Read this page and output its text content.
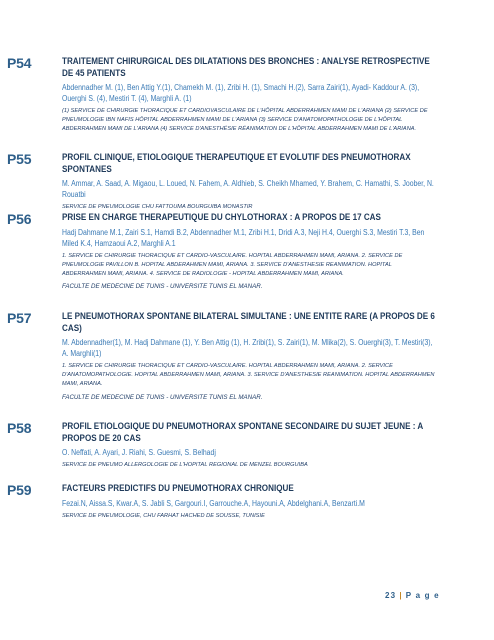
P54	TRAITEMENT CHIRURGICAL DES DILATATIONS DES BRONCHES : ANALYSE RETROSPECTIVE DE 45 PATIENTS

Abdennadher M. (1), Ben Attig Y.(1), Chamekh M. (1), Zribi H. (1), Smachi H.(2), Sarra Zairi(1), Ayadi- Kaddour A. (3), Ouerghi S. (4), Mestiri T. (4), Marghli A. (1)

(1) SERVICE DE CHIRURGIE THORACIQUE ET CARDIOVASCULAIRE DE L'HÔPITAL ABDERRAHMEN MAMI DE L'ARIANA (2) SERVICE DE PNEUMOLOGIE IBN NAFIS HÔPITAL ABDERRAHMEN MAMI DE L'ARIANA (3) SERVICE D'ANATOMOPATHOLOGIE DE L'HÔPITAL ABDERRAHMEN MAMI DE L'ARIANA (4) SERVICE D'ANESTHÉSIE RÉANIMATION DE L'HÔPITAL ABDERRAHMEN MAMI DE L'ARIANA.

P55	PROFIL CLINIQUE, ETIOLOGIQUE THERAPEUTIQUE ET EVOLUTIF DES PNEUMOTHORAX SPONTANES

M. Ammar, A. Saad, A. Migaou, L. Loued, N. Fahem, A. Aldhieb, S. Cheikh Mhamed, Y. Brahem, C. Hamathi, S. Joober, N. Rouatbi

SERVICE DE PNEUMOLOGIE CHU FATTOUMA BOURGUIBA MONASTIR

P56	PRISE EN CHARGE THERAPEUTIQUE DU CHYLOTHORAX : A PROPOS DE 17 CAS

Hadj Dahmane M.1, Zairi S.1, Hamdi B.2, Abdennadher M.1, Zribi H.1, Dridi A.3, Neji H.4, Ouerghi S.3, Mestiri T.3, Ben Miled K.4, Hamzaoui A.2, Marghli A.1

1. SERVICE DE CHIRURGIE THORACIQUE ET CARDIO-VASCULAIRE. HOPITAL ABDERRAHMEN MAMI, ARIANA. 2. SERVICE DE PNEUMOLOGIE PAVILLON B. HOPITAL ABDERAHMEN MAMI, ARIANA. 3. SERVICE D'ANESTHESIE REANIMATION. HOPITAL ABDERRAHMEN MAMI, ARIANA. 4. SERVICE DE RADIOLOGIE - HOPITAL ABDERRAHMEN MAMI, ARIANA.

FACULTE DE MEDECINE DE TUNIS - UNIVERSITE TUNIS EL MANAR.

P57	LE PNEUMOTHORAX SPONTANE BILATERAL SIMULTANE : UNE ENTITE RARE (A PROPOS DE 6 CAS)

M. Abdennadher(1), M. Hadj Dahmane (1), Y. Ben Attig (1), H. Zribi(1), S. Zairi(1), M. Mlika(2), S. Ouerghi(3), T. Mestiri(3), A. Marghli(1)

1. SERVICE DE CHIRURGIE THORACIQUE ET CARDIO-VASCULAIRE. HOPITAL ABDERRAHMEN MAMI, ARIANA. 2. SERVICE D'ANATOMOPATHOLOGIE. HOPITAL ABDERRAHMEN MAMI, ARIANA. 3. SERVICE D'ANESTHESIE REANIMATION. HOPITAL ABDERRAHMEN MAMI, ARIANA.

FACULTE DE MEDECINE DE TUNIS - UNIVERSITE TUNIS EL MANAR.

P58	PROFIL ETIOLOGIQUE DU PNEUMOTHORAX SPONTANE SECONDAIRE DU SUJET JEUNE : A PROPOS DE 20 CAS

O. Neffati, A. Ayari, J. Riahi, S. Guesmi, S. Belhadj

SERVICE DE PNEUMO ALLERGOLOGIE DE L'HOPITAL REGIONAL DE MENZEL BOURGUIBA

P59	FACTEURS PREDICTIFS DU PNEUMOTHORAX CHRONIQUE

Fezai.N, Aissa.S, Kwar.A, S. Jabli S, Gargouri.I, Garrouche.A, Hayouni.A, Abdelghani.A, Benzarti.M

SERVICE DE PNEUMOLOGIE, CHU FARHAT HACHED DE SOUSSE, TUNISIE

23 | P a g e
